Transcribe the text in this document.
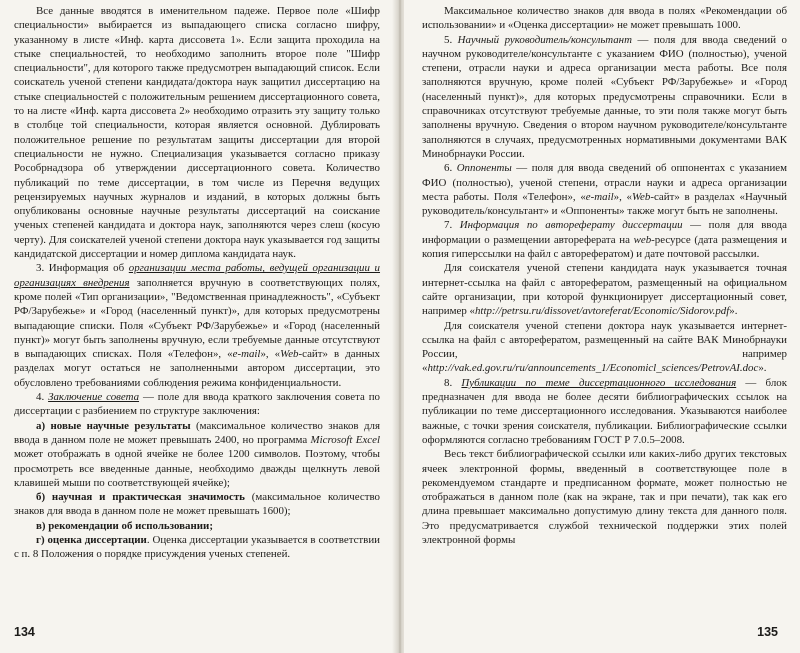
Все данные вводятся в именительном падеже. Первое поле «Шифр специальности» выбирается из выпадающего списка согласно шифру, указанному в листе «Инф. карта диссовета 1». Если защита проходила на стыке специальностей, то необходимо заполнить второе поле "Шифр специальности", для которого также предусмотрен выпадающий список. Если соискатель ученой степени кандидата/доктора наук защитил диссертацию на стыке специальностей с положительным решением диссертационного совета, то на листе «Инф. карта диссовета 2» необходимо отразить эту защиту только в столбце той специальности, которая является основной. Дублировать положительное решение по результатам защиты диссертации для второй специальности не нужно. Специализация указывается согласно приказу Рособрнадзора об утверждении диссертационного совета. Количество публикаций по теме диссертации, в том числе из Перечня ведущих рецензируемых научных журналов и изданий, в которых должны быть опубликованы основные научные результаты диссертаций на соискание ученых степеней кандидата и доктора наук, заполняются через слеш (косую черту). Для соискателей ученой степени доктора наук указывается год защиты кандидатской диссертации и номер диплома кандидата наук.

3. Информация об организации места работы, ведущей организации и организациях внедрения заполняется вручную в соответствующих полях, кроме полей «Тип организации», "Ведомственная принадлежность", «Субъект РФ/Зарубежье» и «Город (населенный пункт)», для которых предусмотрены выпадающие списки. Поля «Субъект РФ/Зарубежье» и «Город (населенный пункт)» могут быть заполнены вручную, если требуемые данные отсутствуют в выпадающих списках. Поля «Телефон», «e-mail», «Web-сайт» в данных разделах могут остаться не заполненными автором диссертации, это обусловлено требованиями соблюдения режима конфиденциальности.

4. Заключение совета — поле для ввода краткого заключения совета по диссертации с разбиением по структуре заключения:

а) новые научные результаты (максимальное количество знаков для ввода в данном поле не может превышать 2400, но программа Microsoft Excel может отображать в одной ячейке не более 1200 символов. Поэтому, чтобы просмотреть все введенные данные, необходимо дважды щелкнуть левой клавишей мыши по соответствующей ячейке);

б) научная и практическая значимость (максимальное количество знаков для ввода в данном поле не может превышать 1600);

в) рекомендации об использовании;

г) оценка диссертации. Оценка диссертации указывается в соответствии с п. 8 Положения о порядке присуждения ученых степеней.

134

Максимальное количество знаков для ввода в полях «Рекомендации об использовании» и «Оценка диссертации» не может превышать 1000.

5. Научный руководитель/консультант — поля для ввода сведений о научном руководителе/консультанте с указанием ФИО (полностью), ученой степени, отрасли науки и адреса организации места работы. Все поля заполняются вручную, кроме полей «Субъект РФ/Зарубежье» и «Город (населенный пункт)», для которых предусмотрены справочники. Если в справочниках отсутствуют требуемые данные, то эти поля также могут быть заполнены вручную. Сведения о втором научном руководителе/консультанте заполняются в случаях, предусмотренных нормативными документами ВАК Минобрнауки России.

6. Оппоненты — поля для ввода сведений об оппонентах с указанием ФИО (полностью), ученой степени, отрасли науки и адреса организации места работы. Поля «Телефон», «e-mail», «Web-сайт» в разделах «Научный руководитель/консультант» и «Оппоненты» также могут быть не заполнены.

7. Информация по автореферату диссертации — поля для ввода информации о размещении автореферата на web-ресурсе (дата размещения и копия гиперссылки на файл с авторефератом) и дате почтовой рассылки.

Для соискателя ученой степени кандидата наук указывается точная интернет-ссылка на файл с авторефератом, размещенный на официальном сайте организации, при которой функционирует диссертационный совет, например «http://petrsu.ru/dissovet/avtoreferat/Economic/Sidorov.pdf».

Для соискателя ученой степени доктора наук указывается интернет-ссылка на файл с авторефератом, размещенный на сайте ВАК Минобрнауки России, например «http://vak.ed.gov.ru/ru/announcements_1/Economicl_sciences/PetrovAI.doc».

8. Публикации по теме диссертационного исследования — блок предназначен для ввода не более десяти библиографических ссылок на публикации по теме диссертационного исследования. Указываются наиболее важные, с точки зрения соискателя, публикации. Библиографические ссылки оформляются согласно требованиям ГОСТ Р 7.0.5–2008.

Весь текст библиографической ссылки или каких-либо других текстовых ячеек электронной формы, введенный в соответствующее поле в рекомендуемом стандарте и предписанном формате, может полностью не отображаться в данном поле (как на экране, так и при печати), так как его длина превышает максимально допустимую длину текста для данного поля. Это предусматривается службой технической поддержки этих полей электронной формы

135
